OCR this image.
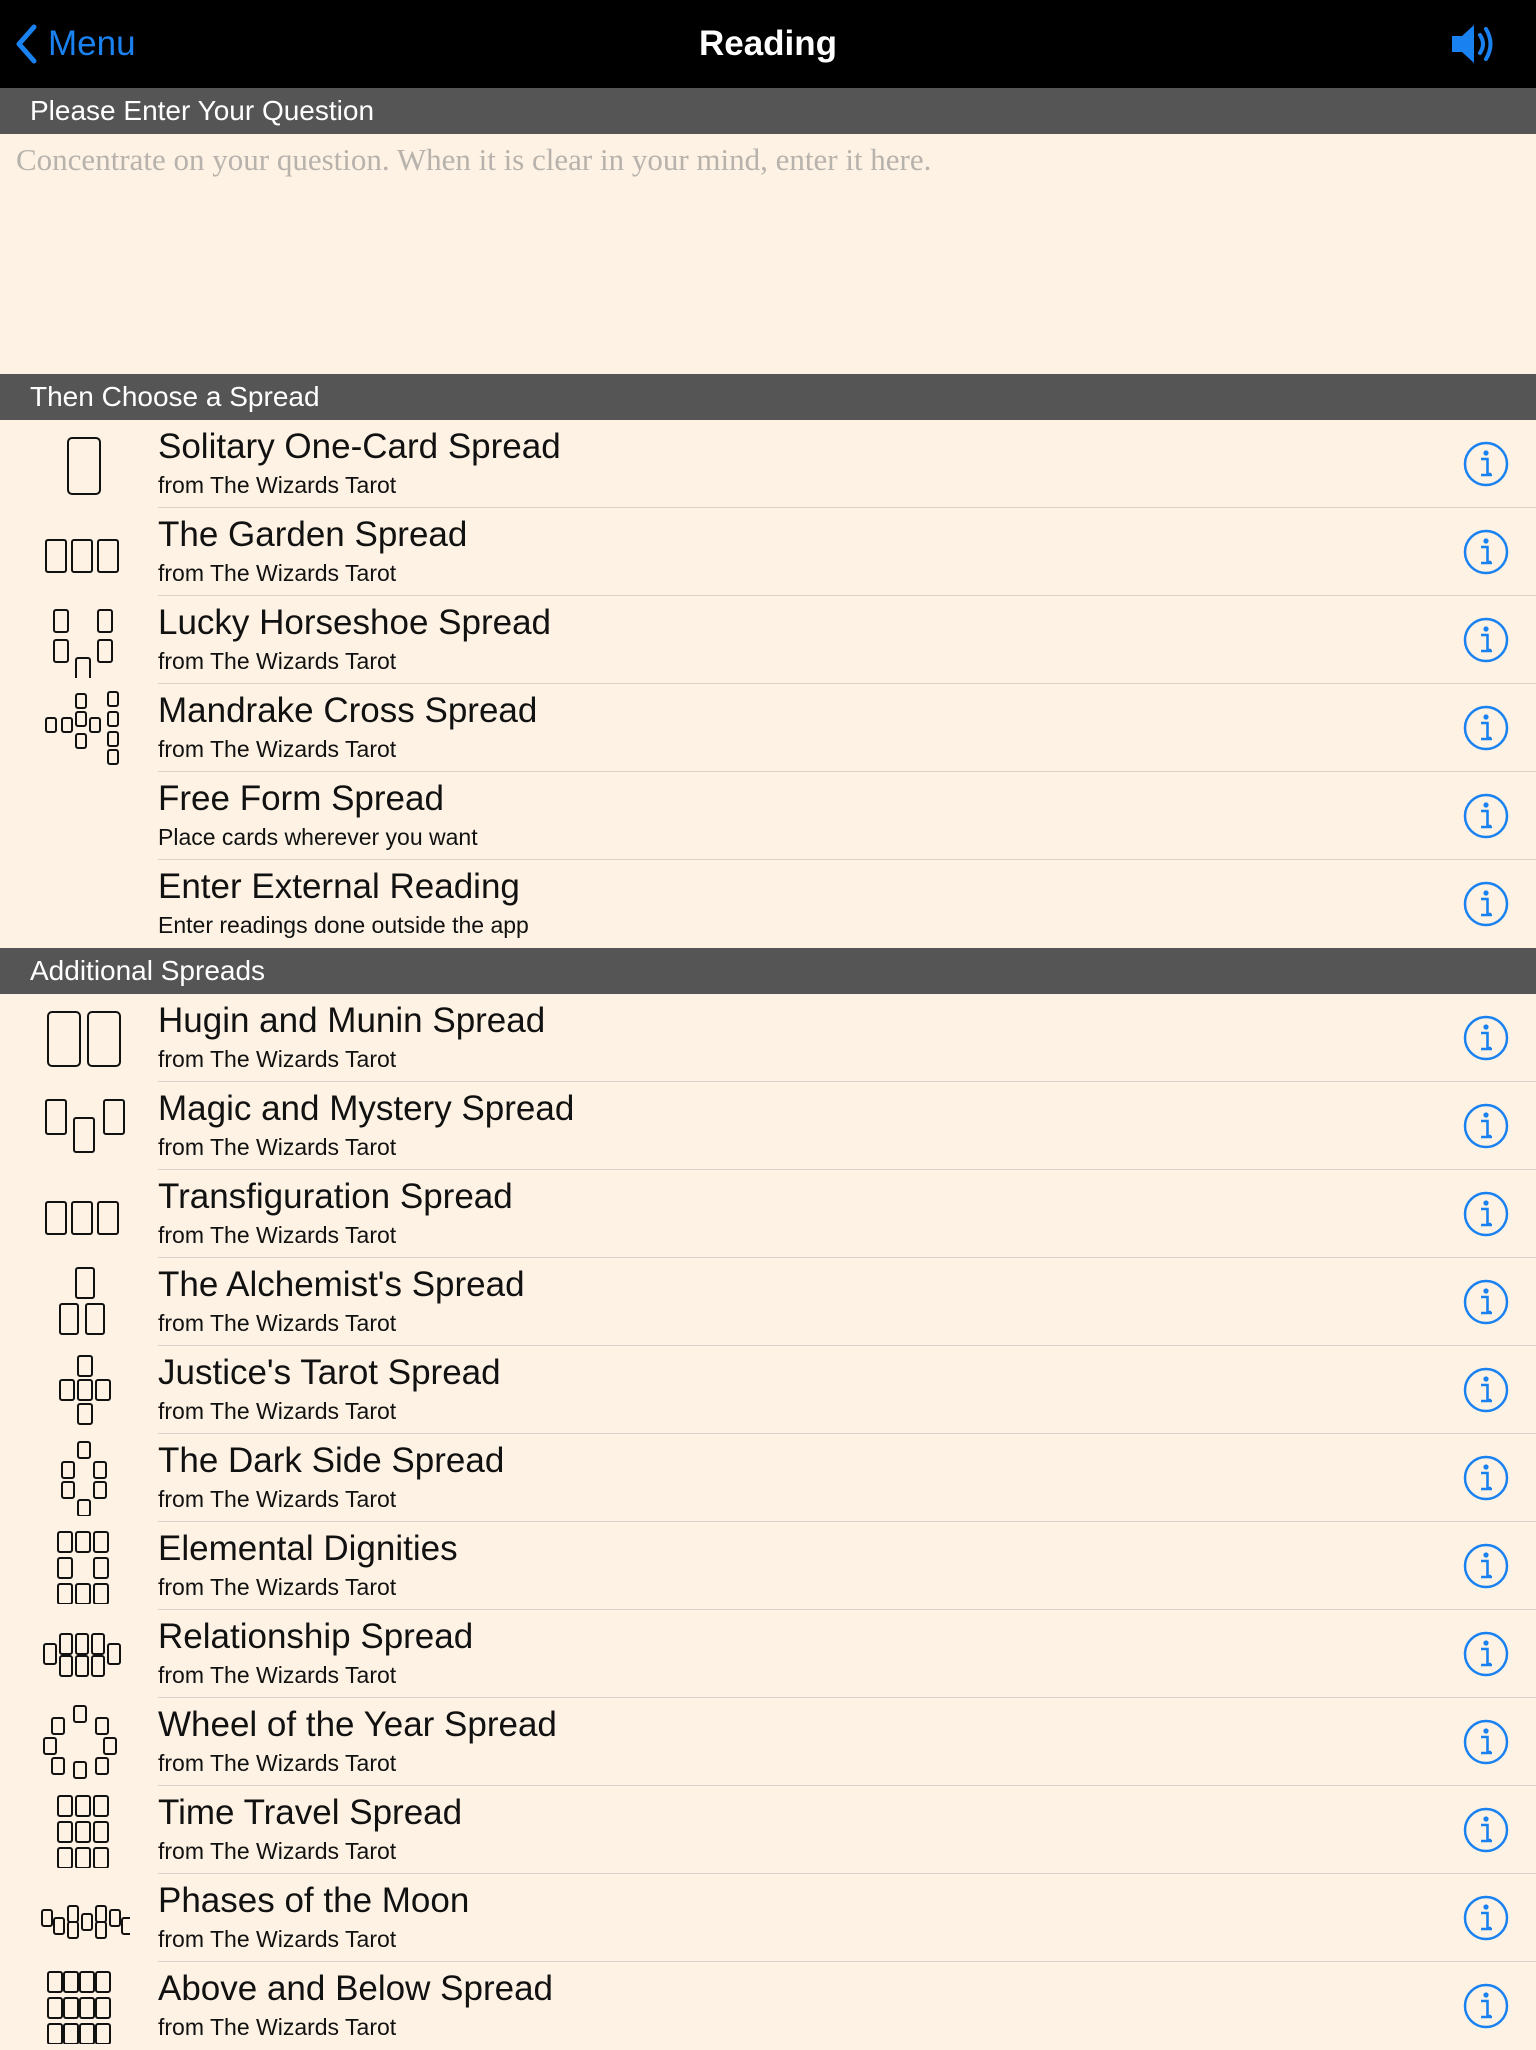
Menu	Reading
Please Enter Your Question
Concentrate on your question. When it is clear in your mind, enter it here.
Then Choose a Spread
Solitary One-Card Spread
from The Wizards Tarot
The Garden Spread
from The Wizards Tarot
Lucky Horseshoe Spread
from The Wizards Tarot
Mandrake Cross Spread
from The Wizards Tarot
Free Form Spread
Place cards wherever you want
Enter External Reading
Enter readings done outside the app
Additional Spreads
Hugin and Munin Spread
from The Wizards Tarot
Magic and Mystery Spread
from The Wizards Tarot
Transfiguration Spread
from The Wizards Tarot
The Alchemist's Spread
from The Wizards Tarot
Justice's Tarot Spread
from The Wizards Tarot
The Dark Side Spread
from The Wizards Tarot
Elemental Dignities
from The Wizards Tarot
Relationship Spread
from The Wizards Tarot
Wheel of the Year Spread
from The Wizards Tarot
Time Travel Spread
from The Wizards Tarot
Phases of the Moon
from The Wizards Tarot
Above and Below Spread
from The Wizards Tarot
